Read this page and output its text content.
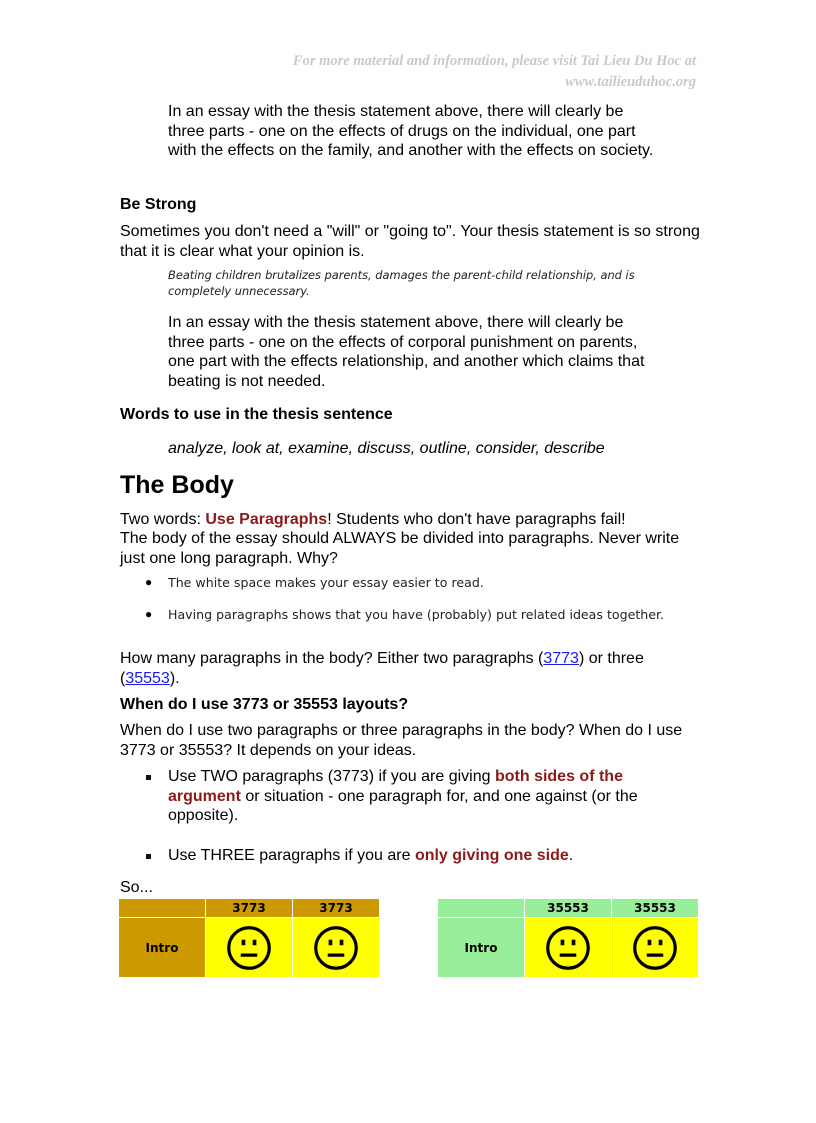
For more material and information, please visit Tai Lieu Du Hoc at
www.tailieuduhoc.org

In an essay with the thesis statement above, there will clearly be three parts - one on the effects of drugs on the individual, one part with the effects on the family, and another with the effects on society.

Be Strong

Sometimes you don't need a "will" or "going to". Your thesis statement is so strong that it is clear what your opinion is.

Beating children brutalizes parents, damages the parent-child relationship, and is completely unnecessary.

In an essay with the thesis statement above, there will clearly be three parts - one on the effects of corporal punishment on parents, one part with the effects relationship, and another which claims that beating is not needed.

Words to use in the thesis sentence

analyze, look at, examine, discuss, outline, consider, describe

The Body

Two words: Use Paragraphs! Students who don't have paragraphs fail!

The body of the essay should ALWAYS be divided into paragraphs. Never write just one long paragraph. Why?

● The white space makes your essay easier to read.

● Having paragraphs shows that you have (probably) put related ideas together.

How many paragraphs in the body? Either two paragraphs (3773) or three (35553).

When do I use 3773 or 35553 layouts?

When do I use two paragraphs or three paragraphs in the body? When do I use 3773 or 35553? It depends on your ideas.

Use TWO paragraphs (3773) if you are giving both sides of the argument or situation - one paragraph for, and one against (or the opposite).

Use THREE paragraphs if you are only giving one side.

So...

	3773	3773
Intro		
	35553	35553
Intro		
